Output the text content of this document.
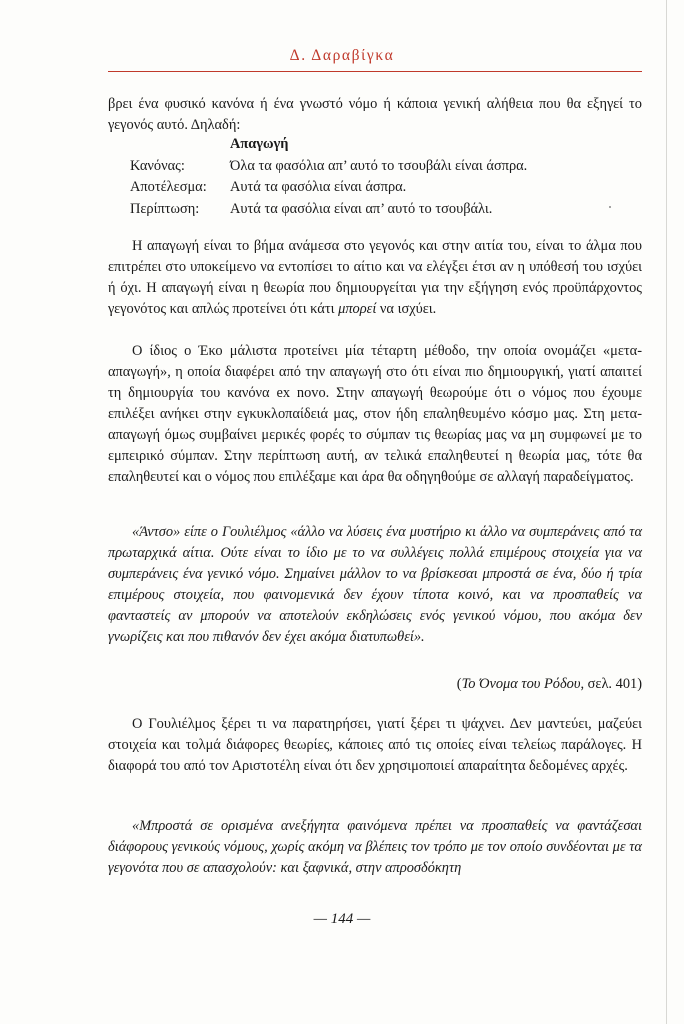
Δ. Δαραβίγκα

βρει ένα φυσικό κανόνα ή ένα γνωστό νόμο ή κάποια γενική αλήθεια που θα εξηγεί το γεγονός αυτό. Δηλαδή:

Απαγωγή
Κανόνας:	Όλα τα φασόλια απ’ αυτό το τσουβάλι είναι άσπρα.
Αποτέλεσμα: Αυτά τα φασόλια είναι άσπρα.
Περίπτωση: Αυτά τα φασόλια είναι απ’ αυτό το τσουβάλι.

Η απαγωγή είναι το βήμα ανάμεσα στο γεγονός και στην αιτία του, είναι το άλμα που επιτρέπει στο υποκείμενο να εντοπίσει το αίτιο και να ελέγξει έτσι αν η υπόθεσή του ισχύει ή όχι. Η απαγωγή είναι η θεωρία που δημιουργείται για την εξήγηση ενός προϋπάρχοντος γεγονότος και απλώς προτείνει ότι κάτι μπορεί να ισχύει.

Ο ίδιος ο Έκο μάλιστα προτείνει μία τέταρτη μέθοδο, την οποία ονομάζει «μετα-απαγωγή», η οποία διαφέρει από την απαγωγή στο ότι είναι πιο δημιουργική, γιατί απαιτεί τη δημιουργία του κανόνα ex novo. Στην απαγωγή θεωρούμε ότι ο νόμος που έχουμε επιλέξει ανήκει στην εγκυκλοπαίδειά μας, στον ήδη επαληθευμένο κόσμο μας. Στη μετα-απαγωγή όμως συμβαίνει μερικές φορές το σύμπαν τις θεωρίας μας να μη συμφωνεί με το εμπειρικό σύμπαν. Στην περίπτωση αυτή, αν τελικά επαληθευτεί η θεωρία μας, τότε θα επαληθευτεί και ο νόμος που επιλέξαμε και άρα θα οδηγηθούμε σε αλλαγή παραδείγματος.

«Άντσο» είπε ο Γουλιέλμος «άλλο να λύσεις ένα μυστήριο κι άλλο να συμπεράνεις από τα πρωταρχικά αίτια. Ούτε είναι το ίδιο με το να συλλέγεις πολλά επιμέρους στοιχεία για να συμπεράνεις ένα γενικό νόμο. Σημαίνει μάλλον το να βρίσκεσαι μπροστά σε ένα, δύο ή τρία επιμέρους στοιχεία, που φαινομενικά δεν έχουν τίποτα κοινό, και να προσπαθείς να φανταστείς αν μπορούν να αποτελούν εκδηλώσεις ενός γενικού νόμου, που ακόμα δεν γνωρίζεις και που πιθανόν δεν έχει ακόμα διατυπωθεί».

(Το Όνομα του Ρόδου, σελ. 401)

Ο Γουλιέλμος ξέρει τι να παρατηρήσει, γιατί ξέρει τι ψάχνει. Δεν μαντεύει, μαζεύει στοιχεία και τολμά διάφορες θεωρίες, κάποιες από τις οποίες είναι τελείως παράλογες. Η διαφορά του από τον Αριστοτέλη είναι ότι δεν χρησιμοποιεί απαραίτητα δεδομένες αρχές.

«Μπροστά σε ορισμένα ανεξήγητα φαινόμενα πρέπει να προσπαθείς να φαντάζεσαι διάφορους γενικούς νόμους, χωρίς ακόμη να βλέπεις τον τρόπο με τον οποίο συνδέονται με τα γεγονότα που σε απασχολούν: και ξαφνικά, στην απροσδόκητη

— 144 —
